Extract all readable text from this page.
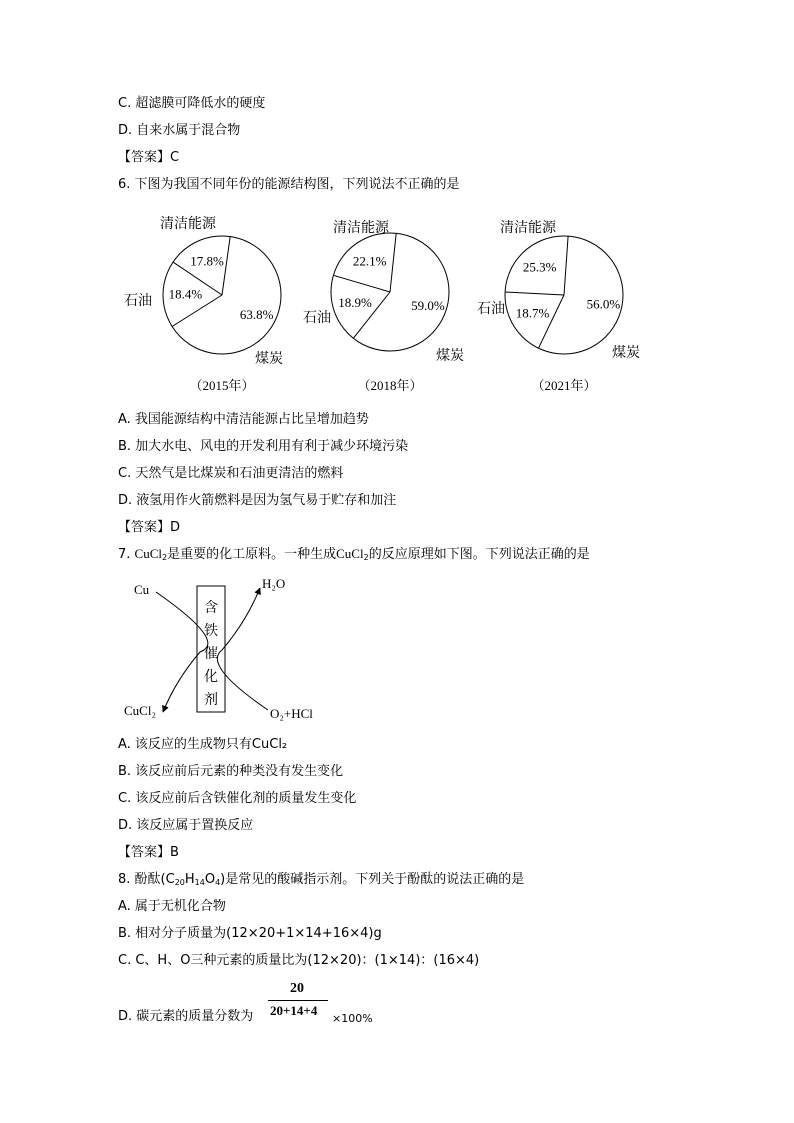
C. 超滤膜可降低水的硬度
D. 自来水属于混合物
【答案】C
6. 下图为我国不同年份的能源结构图，下列说法不正确的是
17.8%
18.4%
63.8%
清洁能源
石油
煤炭
（2015年）
22.1%
18.9%	59.0%
清洁能源
石油
煤炭
（2018年）
25.3%
18.7%
56.0%
清洁能源
石油
煤炭
（2021年）
A. 我国能源结构中清洁能源占比呈增加趋势
B. 加大水电、风电的开发利用有利于减少环境污染
C. 天然气是比煤炭和石油更清洁的燃料
D. 液氢用作火箭燃料是因为氢气易于贮存和加注
【答案】D
7. CuCl$_2$是重要的化工原料。一种生成CuCl$_2$的反应原理如下图。下列说法正确的是
Cu	H₂O
CuCl₂	O₂+HCl
含
铁
催
化
剂
A. 该反应的生成物只有CuCl₂
B. 该反应前后元素的种类没有发生变化
C. 该反应前后含铁催化剂的质量发生变化
D. 该反应属于置换反应
【答案】B
8. 酚酞$(C_{20}H_{14}O_4)$是常见的酸碱指示剂。下列关于酚酞的说法正确的是
A. 属于无机化合物
B. 相对分子质量为(12×20+1×14+16×4)g
C. C、H、O三种元素的质量比为(12×20)：(1×14)：(16×4)
20
20+14+4
D. 碳元素的质量分数为	×100%
